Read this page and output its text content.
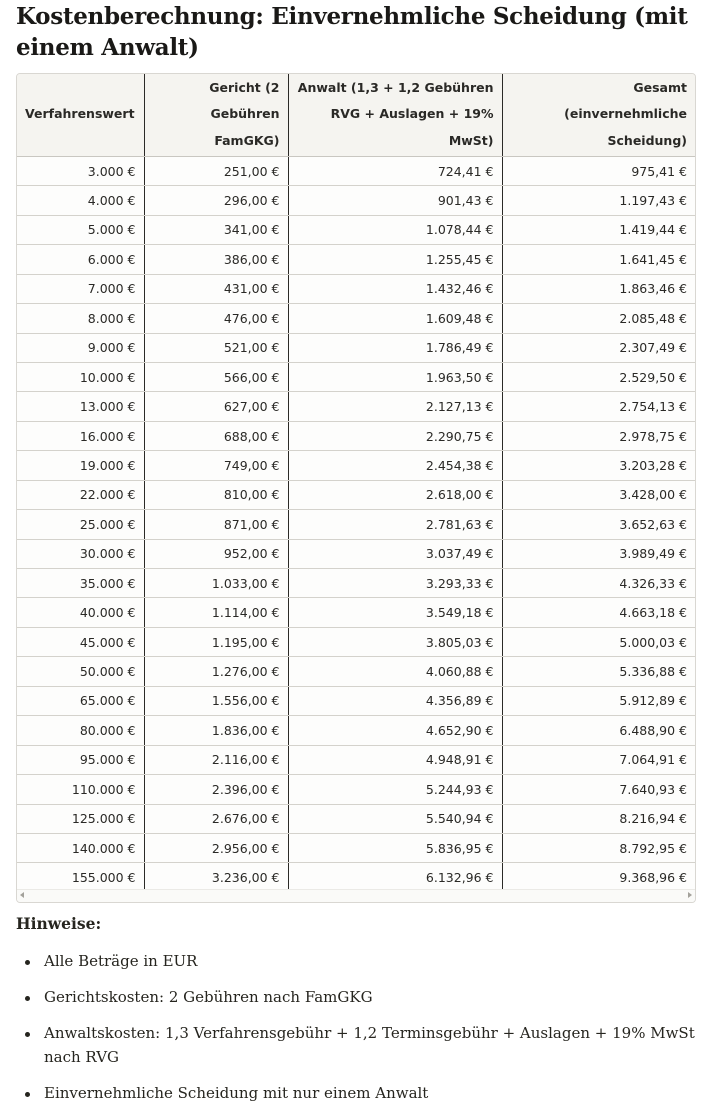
Kostenberechnung: Einvernehmliche Scheidung (mit einem Anwalt)
Verfahrenswert	Gericht (2 Gebühren FamGKG)	Anwalt (1,3 + 1,2 Gebühren RVG + Auslagen + 19% MwSt)	Gesamt (einvernehmliche Scheidung)
3.000 €	251,00 €	724,41 €	975,41 €
4.000 €	296,00 €	901,43 €	1.197,43 €
5.000 €	341,00 €	1.078,44 €	1.419,44 €
6.000 €	386,00 €	1.255,45 €	1.641,45 €
7.000 €	431,00 €	1.432,46 €	1.863,46 €
8.000 €	476,00 €	1.609,48 €	2.085,48 €
9.000 €	521,00 €	1.786,49 €	2.307,49 €
10.000 €	566,00 €	1.963,50 €	2.529,50 €
13.000 €	627,00 €	2.127,13 €	2.754,13 €
16.000 €	688,00 €	2.290,75 €	2.978,75 €
19.000 €	749,00 €	2.454,38 €	3.203,28 €
22.000 €	810,00 €	2.618,00 €	3.428,00 €
25.000 €	871,00 €	2.781,63 €	3.652,63 €
30.000 €	952,00 €	3.037,49 €	3.989,49 €
35.000 €	1.033,00 €	3.293,33 €	4.326,33 €
40.000 €	1.114,00 €	3.549,18 €	4.663,18 €
45.000 €	1.195,00 €	3.805,03 €	5.000,03 €
50.000 €	1.276,00 €	4.060,88 €	5.336,88 €
65.000 €	1.556,00 €	4.356,89 €	5.912,89 €
80.000 €	1.836,00 €	4.652,90 €	6.488,90 €
95.000 €	2.116,00 €	4.948,91 €	7.064,91 €
110.000 €	2.396,00 €	5.244,93 €	7.640,93 €
125.000 €	2.676,00 €	5.540,94 €	8.216,94 €
140.000 €	2.956,00 €	5.836,95 €	8.792,95 €
155.000 €	3.236,00 €	6.132,96 €	9.368,96 €
Hinweise:
Alle Beträge in EUR
Gerichtskosten: 2 Gebühren nach FamGKG
Anwaltskosten: 1,3 Verfahrensgebühr + 1,2 Terminsgebühr + Auslagen + 19% MwSt nach RVG
Einvernehmliche Scheidung mit nur einem Anwalt
